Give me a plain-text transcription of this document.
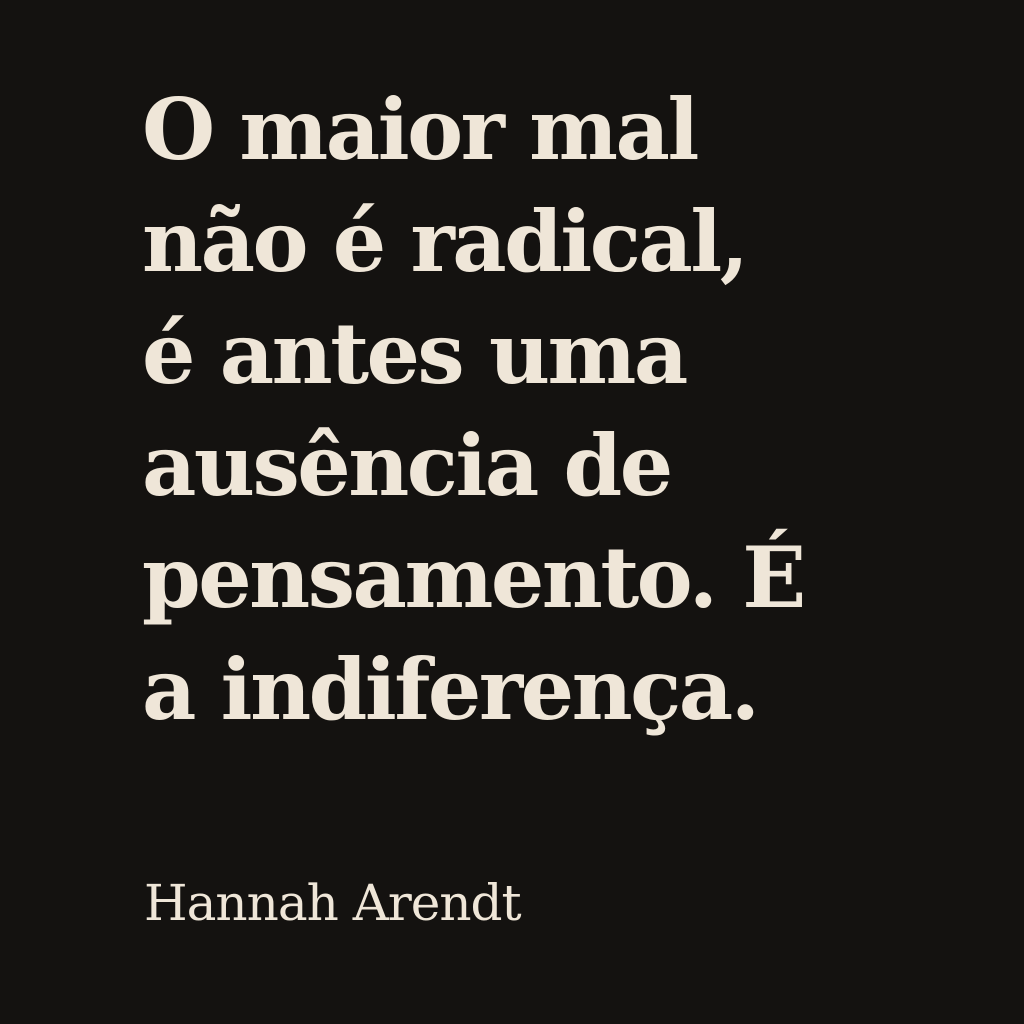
O maior mal
não é radical,
é antes uma
ausência de
pensamento. É
a indiferença.

Hannah Arendt
